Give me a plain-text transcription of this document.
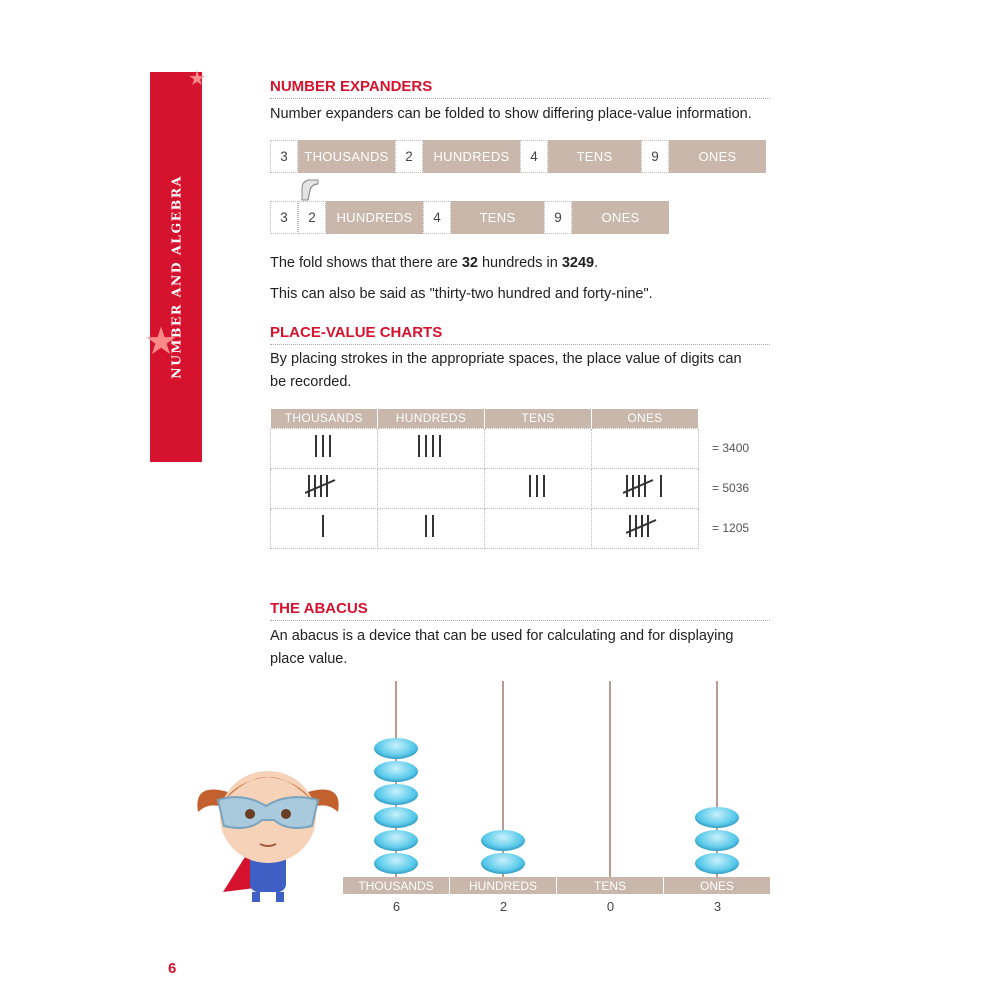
★
NUMBER AND ALGEBRA
★
NUMBER EXPANDERS
Number expanders can be folded to show differing place-value information.
3	THOUSANDS	2	HUNDREDS	4	TENS	9	ONES
3	2	HUNDREDS	4	TENS	9	ONES
The fold shows that there are 32 hundreds in 3249.
This can also be said as "thirty-two hundred and forty-nine".
PLACE-VALUE CHARTS
By placing strokes in the appropriate spaces, the place value of digits can be recorded.
THOUSANDS	HUNDREDS	TENS	ONES

= 3400
= 5036
= 1205
THE ABACUS
An abacus is a device that can be used for calculating and for displaying place value.
THOUSANDS	HUNDREDS	TENS	ONES
6	2	0	3
6
